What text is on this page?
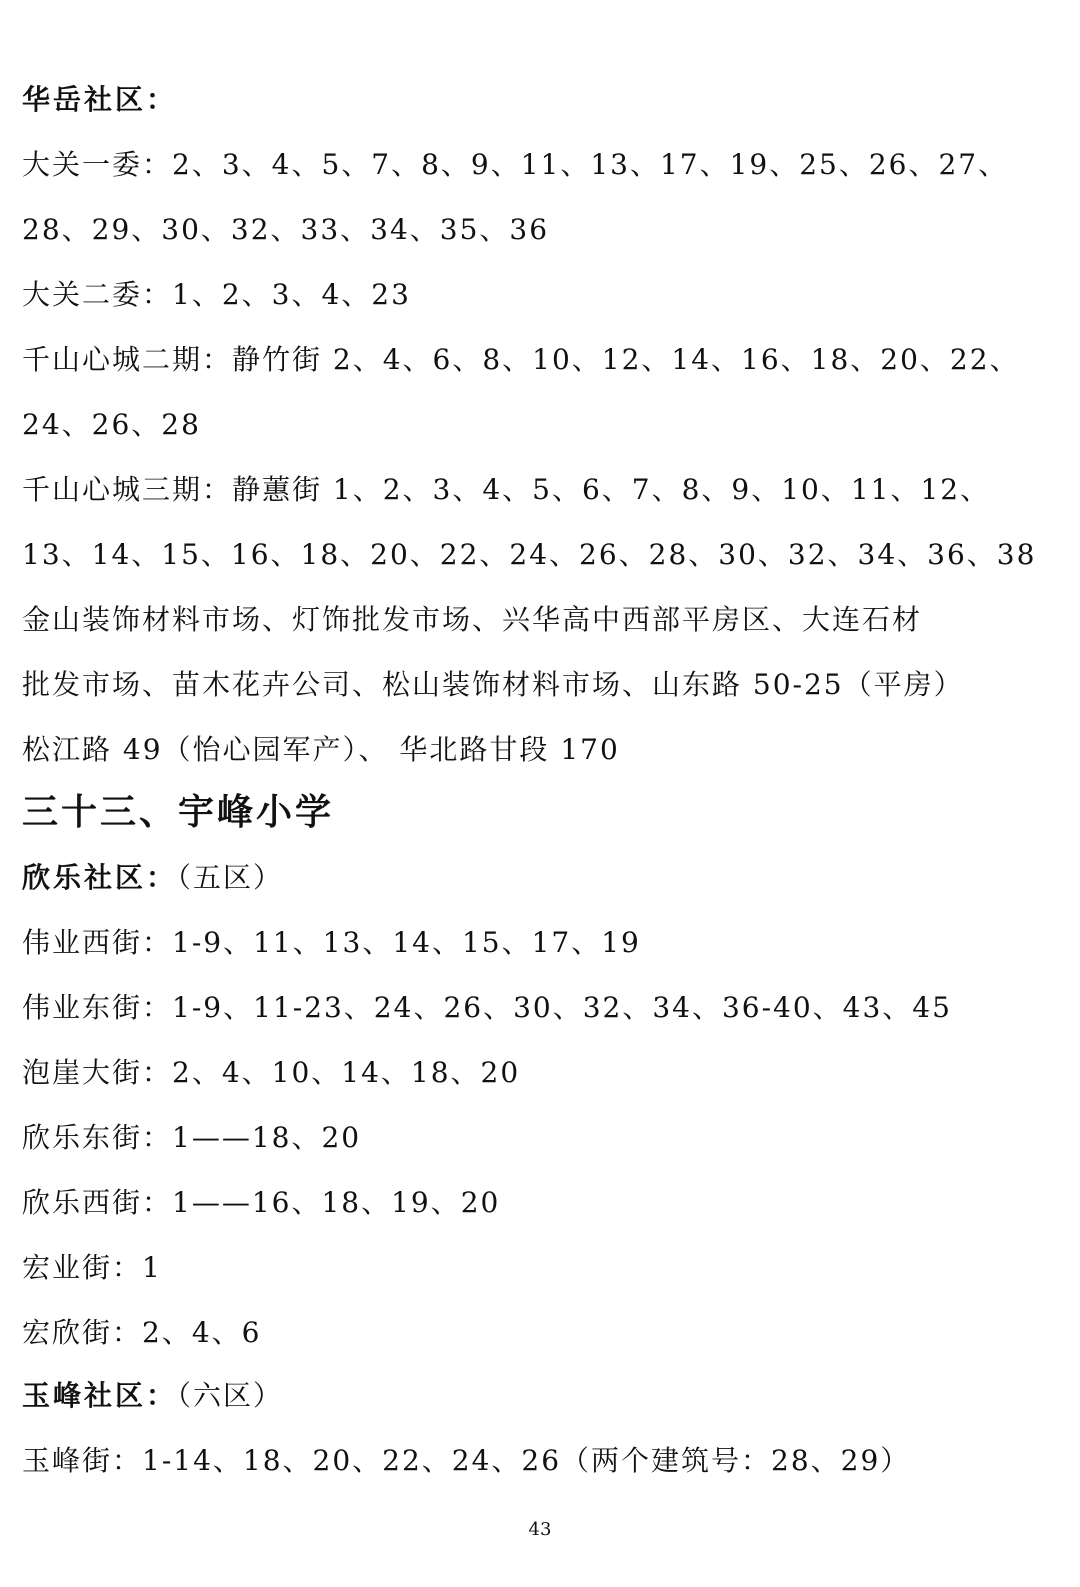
华岳社区：
大关一委：2、3、4、5、7、8、9、11、13、17、19、25、26、27、
28、29、30、32、33、34、35、36
大关二委：1、2、3、4、23
千山心城二期：静竹街 2、4、6、8、10、12、14、16、18、20、22、
24、26、28
千山心城三期：静蕙街 1、2、3、4、5、6、7、8、9、10、11、12、
13、14、15、16、18、20、22、24、26、28、30、32、34、36、38
金山装饰材料市场、灯饰批发市场、兴华高中西部平房区、大连石材
批发市场、苗木花卉公司、松山装饰材料市场、山东路 50-25（平房）
松江路 49（怡心园军产）、 华北路甘段 170
三十三、宇峰小学
欣乐社区：（五区）
伟业西街：1-9、11、13、14、15、17、19
伟业东街：1-9、11-23、24、26、30、32、34、36-40、43、45
泡崖大街：2、4、10、14、18、20
欣乐东街：1——18、20
欣乐西街：1——16、18、19、20
宏业街：1
宏欣街：2、4、6
玉峰社区：（六区）
玉峰街：1-14、18、20、22、24、26（两个建筑号：28、29）
43
